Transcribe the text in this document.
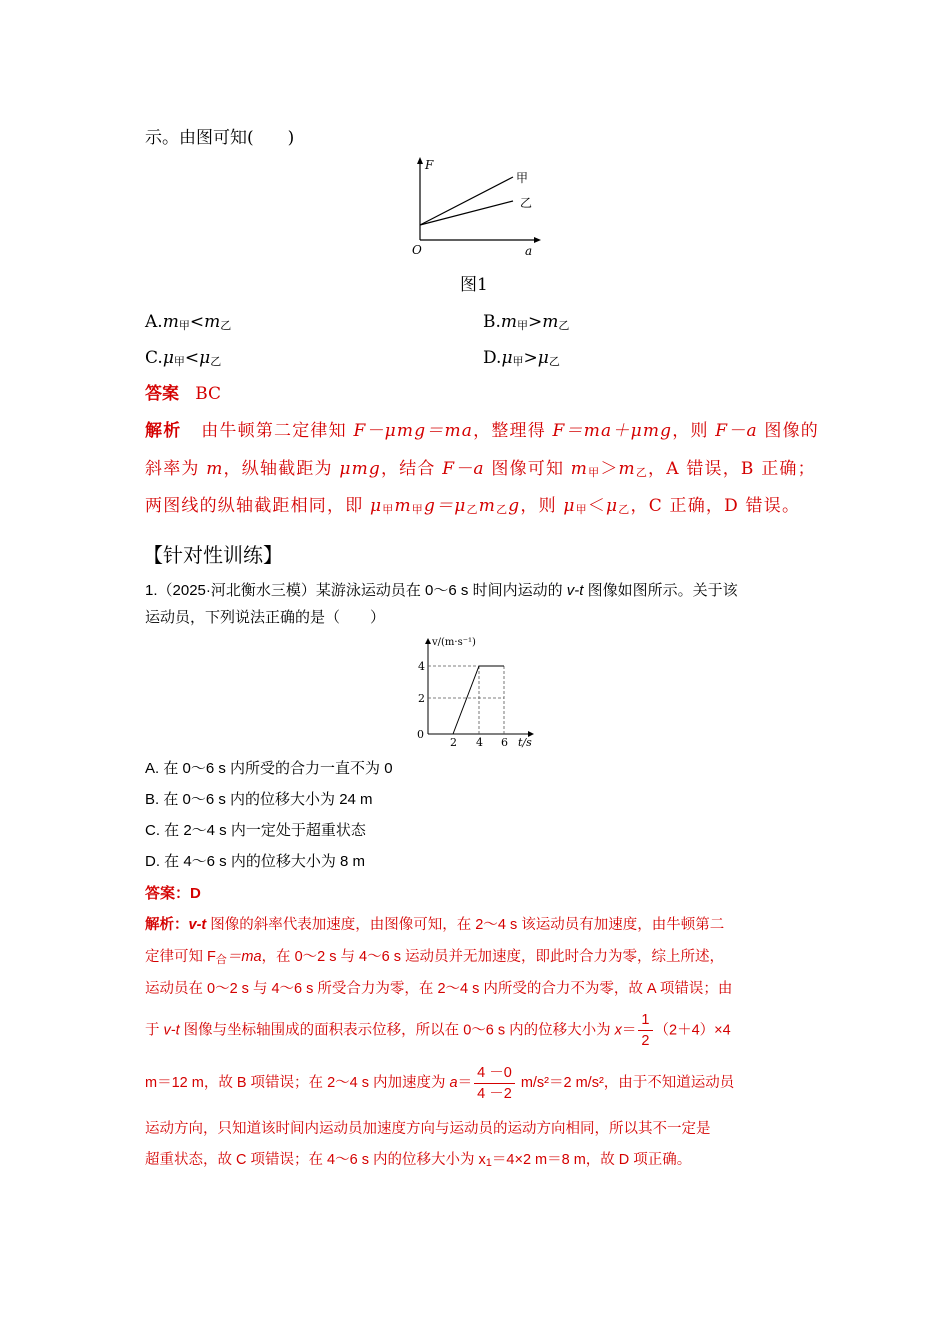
示。由图可知(　　)
F
O	a
甲
乙
图1
A.m甲<m乙	B.m甲>m乙
C.μ甲<μ乙	D.μ甲>μ乙
答案 BC
解析 由牛顿第二定律知 F－μmg＝ma，整理得 F＝ma＋μmg，则 F－a 图像的
斜率为 m，纵轴截距为 μmg，结合 F－a 图像可知 m甲＞m乙，A 错误，B 正确；
两图线的纵轴截距相同，即 μ甲m甲g＝μ乙m乙g，则 μ甲＜μ乙，C 正确，D 错误。
【针对性训练】
1.（2025·河北衡水三模）某游泳运动员在 0～6 s 时间内运动的 v-t 图像如图所示。关于该
运动员，下列说法正确的是（　　）
v/(m·s⁻¹)
4
2
0
2 4 6 t/s
A. 在 0～6 s 内所受的合力一直不为 0
B. 在 0～6 s 内的位移大小为 24 m
C. 在 2～4 s 内一定处于超重状态
D. 在 4～6 s 内的位移大小为 8 m
答案：D
解析：v-t 图像的斜率代表加速度，由图像可知，在 2～4 s 该运动员有加速度，由牛顿第二
定律可知 F合＝ma，在 0～2 s 与 4～6 s 运动员并无加速度，即此时合力为零，综上所述，
运动员在 0～2 s 与 4～6 s 所受合力为零，在 2～4 s 内所受的合力不为零，故 A 项错误；由
于 v-t 图像与坐标轴围成的面积表示位移，所以在 0～6 s 内的位移大小为 $x= \frac{1}{2} (2+4)\times 4$
m＝12 m，故 B 项错误；在 2～4 s 内加速度为 $a= \frac{4 -0}{4 -2} m/s^2=2$ m/s²，由于不知道运动员
运动方向，只知道该时间内运动员加速度方向与运动员的运动方向相同，所以其不一定是
超重状态，故 C 项错误；在 4～6 s 内的位移大小为 x1＝4×2 m＝8 m，故 D 项正确。
